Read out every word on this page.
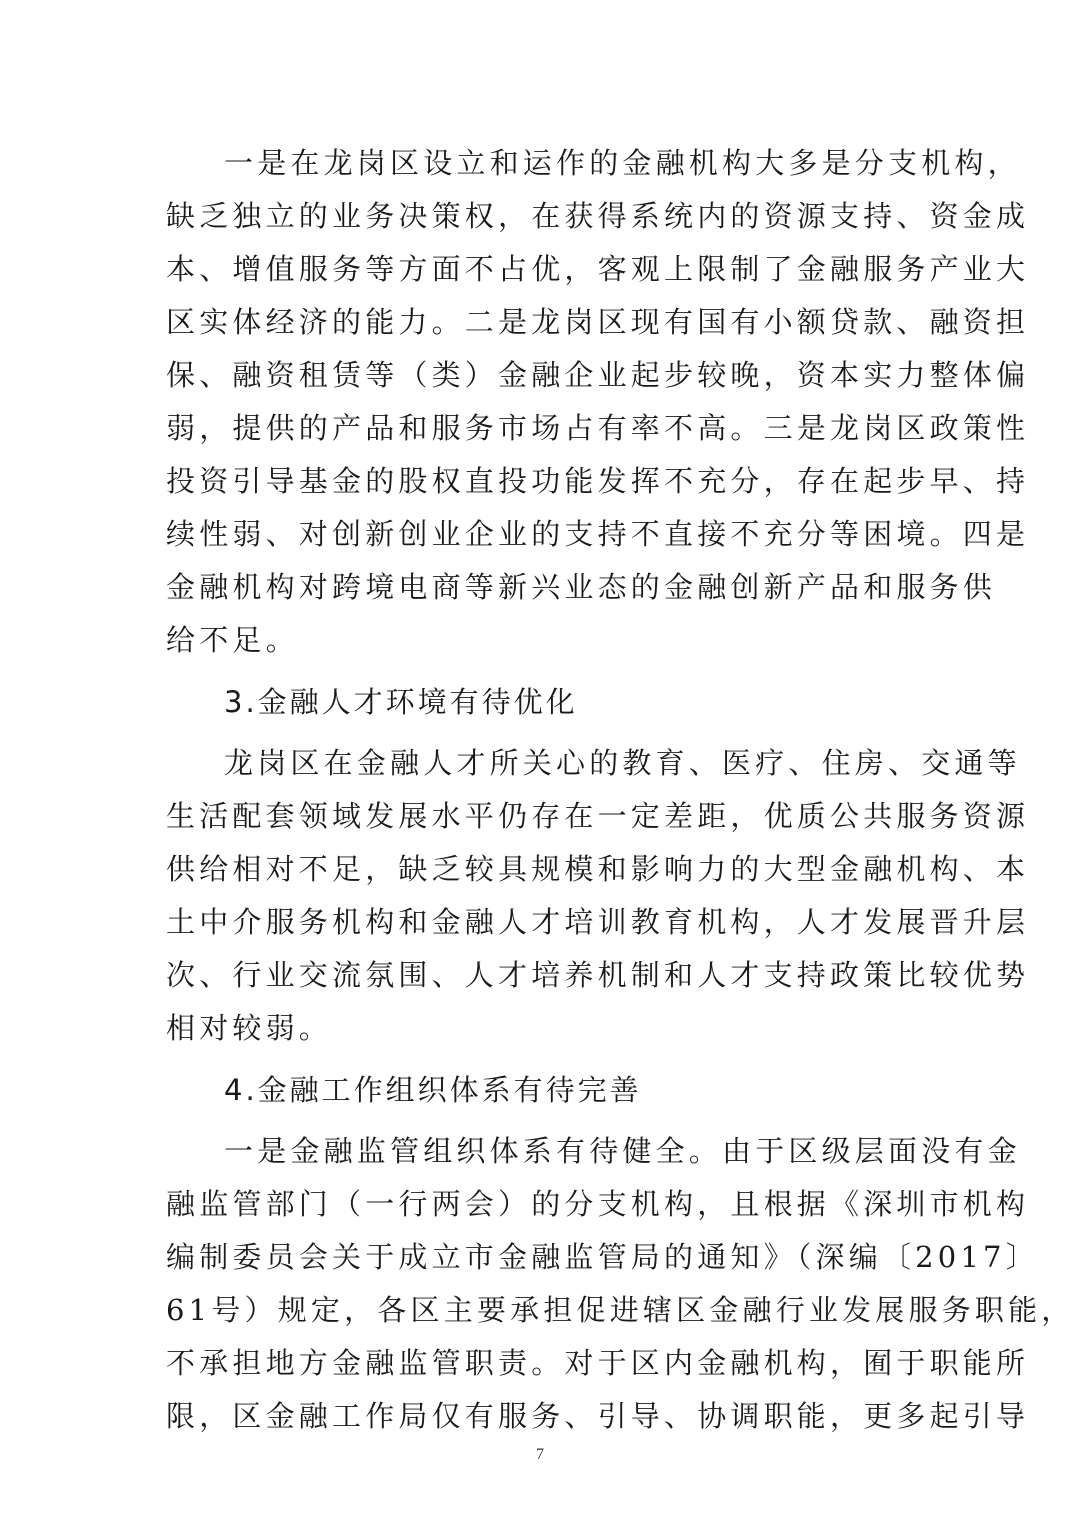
一是在龙岗区设立和运作的金融机构大多是分支机构，
缺乏独立的业务决策权，在获得系统内的资源支持、资金成
本、增值服务等方面不占优，客观上限制了金融服务产业大
区实体经济的能力。二是龙岗区现有国有小额贷款、融资担
保、融资租赁等（类）金融企业起步较晚，资本实力整体偏
弱，提供的产品和服务市场占有率不高。三是龙岗区政策性
投资引导基金的股权直投功能发挥不充分，存在起步早、持
续性弱、对创新创业企业的支持不直接不充分等困境。四是
金融机构对跨境电商等新兴业态的金融创新产品和服务供
给不足。
3.金融人才环境有待优化
龙岗区在金融人才所关心的教育、医疗、住房、交通等
生活配套领域发展水平仍存在一定差距，优质公共服务资源
供给相对不足，缺乏较具规模和影响力的大型金融机构、本
土中介服务机构和金融人才培训教育机构，人才发展晋升层
次、行业交流氛围、人才培养机制和人才支持政策比较优势
相对较弱。
4.金融工作组织体系有待完善
一是金融监管组织体系有待健全。由于区级层面没有金
融监管部门（一行两会）的分支机构，且根据《深圳市机构
编制委员会关于成立市金融监管局的通知》（深编〔2017〕
61号）规定，各区主要承担促进辖区金融行业发展服务职能，
不承担地方金融监管职责。对于区内金融机构，囿于职能所
限，区金融工作局仅有服务、引导、协调职能，更多起引导
7
